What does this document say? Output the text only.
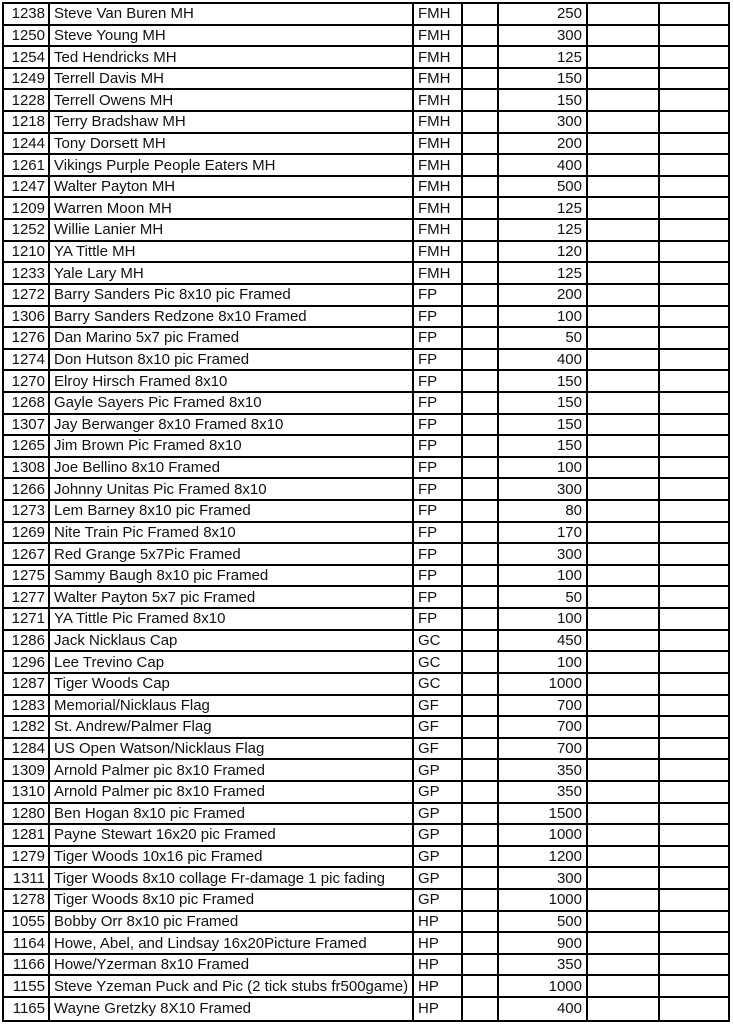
1238 Steve Van Buren MH	FMH	250
1250 Steve Young MH	FMH	300
1254 Ted Hendricks MH	FMH	125
1249 Terrell Davis MH	FMH	150
1228 Terrell Owens MH	FMH	150
1218 Terry Bradshaw MH	FMH	300
1244 Tony Dorsett MH	FMH	200
1261 Vikings Purple People Eaters MH	FMH	400
1247 Walter Payton MH	FMH	500
1209 Warren Moon MH	FMH	125
1252 Willie Lanier MH	FMH	125
1210 YA Tittle MH	FMH	120
1233 Yale Lary MH	FMH	125
1272 Barry Sanders Pic 8x10 pic Framed	FP	200
1306 Barry Sanders Redzone 8x10 Framed	FP	100
1276 Dan Marino 5x7 pic Framed	FP	50
1274 Don Hutson 8x10 pic Framed	FP	400
1270 Elroy Hirsch Framed 8x10	FP	150
1268 Gayle Sayers Pic Framed 8x10	FP	150
1307 Jay Berwanger 8x10 Framed 8x10	FP	150
1265 Jim Brown Pic Framed 8x10	FP	150
1308 Joe Bellino 8x10 Framed	FP	100
1266 Johnny Unitas Pic Framed 8x10	FP	300
1273 Lem Barney 8x10 pic Framed	FP	80
1269 Nite Train Pic Framed 8x10	FP	170
1267 Red Grange 5x7Pic Framed	FP	300
1275 Sammy Baugh 8x10 pic Framed	FP	100
1277 Walter Payton 5x7 pic Framed	FP	50
1271 YA Tittle Pic Framed 8x10	FP	100
1286 Jack Nicklaus Cap	GC	450
1296 Lee Trevino Cap	GC	100
1287 Tiger Woods Cap	GC	1000
1283 Memorial/Nicklaus Flag	GF	700
1282 St. Andrew/Palmer Flag	GF	700
1284 US Open Watson/Nicklaus Flag	GF	700
1309 Arnold Palmer pic 8x10 Framed	GP	350
1310 Arnold Palmer pic 8x10 Framed	GP	350
1280 Ben Hogan 8x10 pic Framed	GP	1500
1281 Payne Stewart 16x20 pic Framed	GP	1000
1279 Tiger Woods 10x16 pic Framed	GP	1200
1311 Tiger Woods 8x10 collage Fr-damage 1 pic fading	GP	300
1278 Tiger Woods 8x10 pic Framed	GP	1000
1055 Bobby Orr 8x10 pic Framed	HP	500
1164 Howe, Abel, and Lindsay 16x20Picture Framed	HP	900
1166 Howe/Yzerman 8x10 Framed	HP	350
1155 Steve Yzeman Puck and Pic (2 tick stubs fr500game) HP	1000
1165 Wayne Gretzky 8X10 Framed	HP	400
